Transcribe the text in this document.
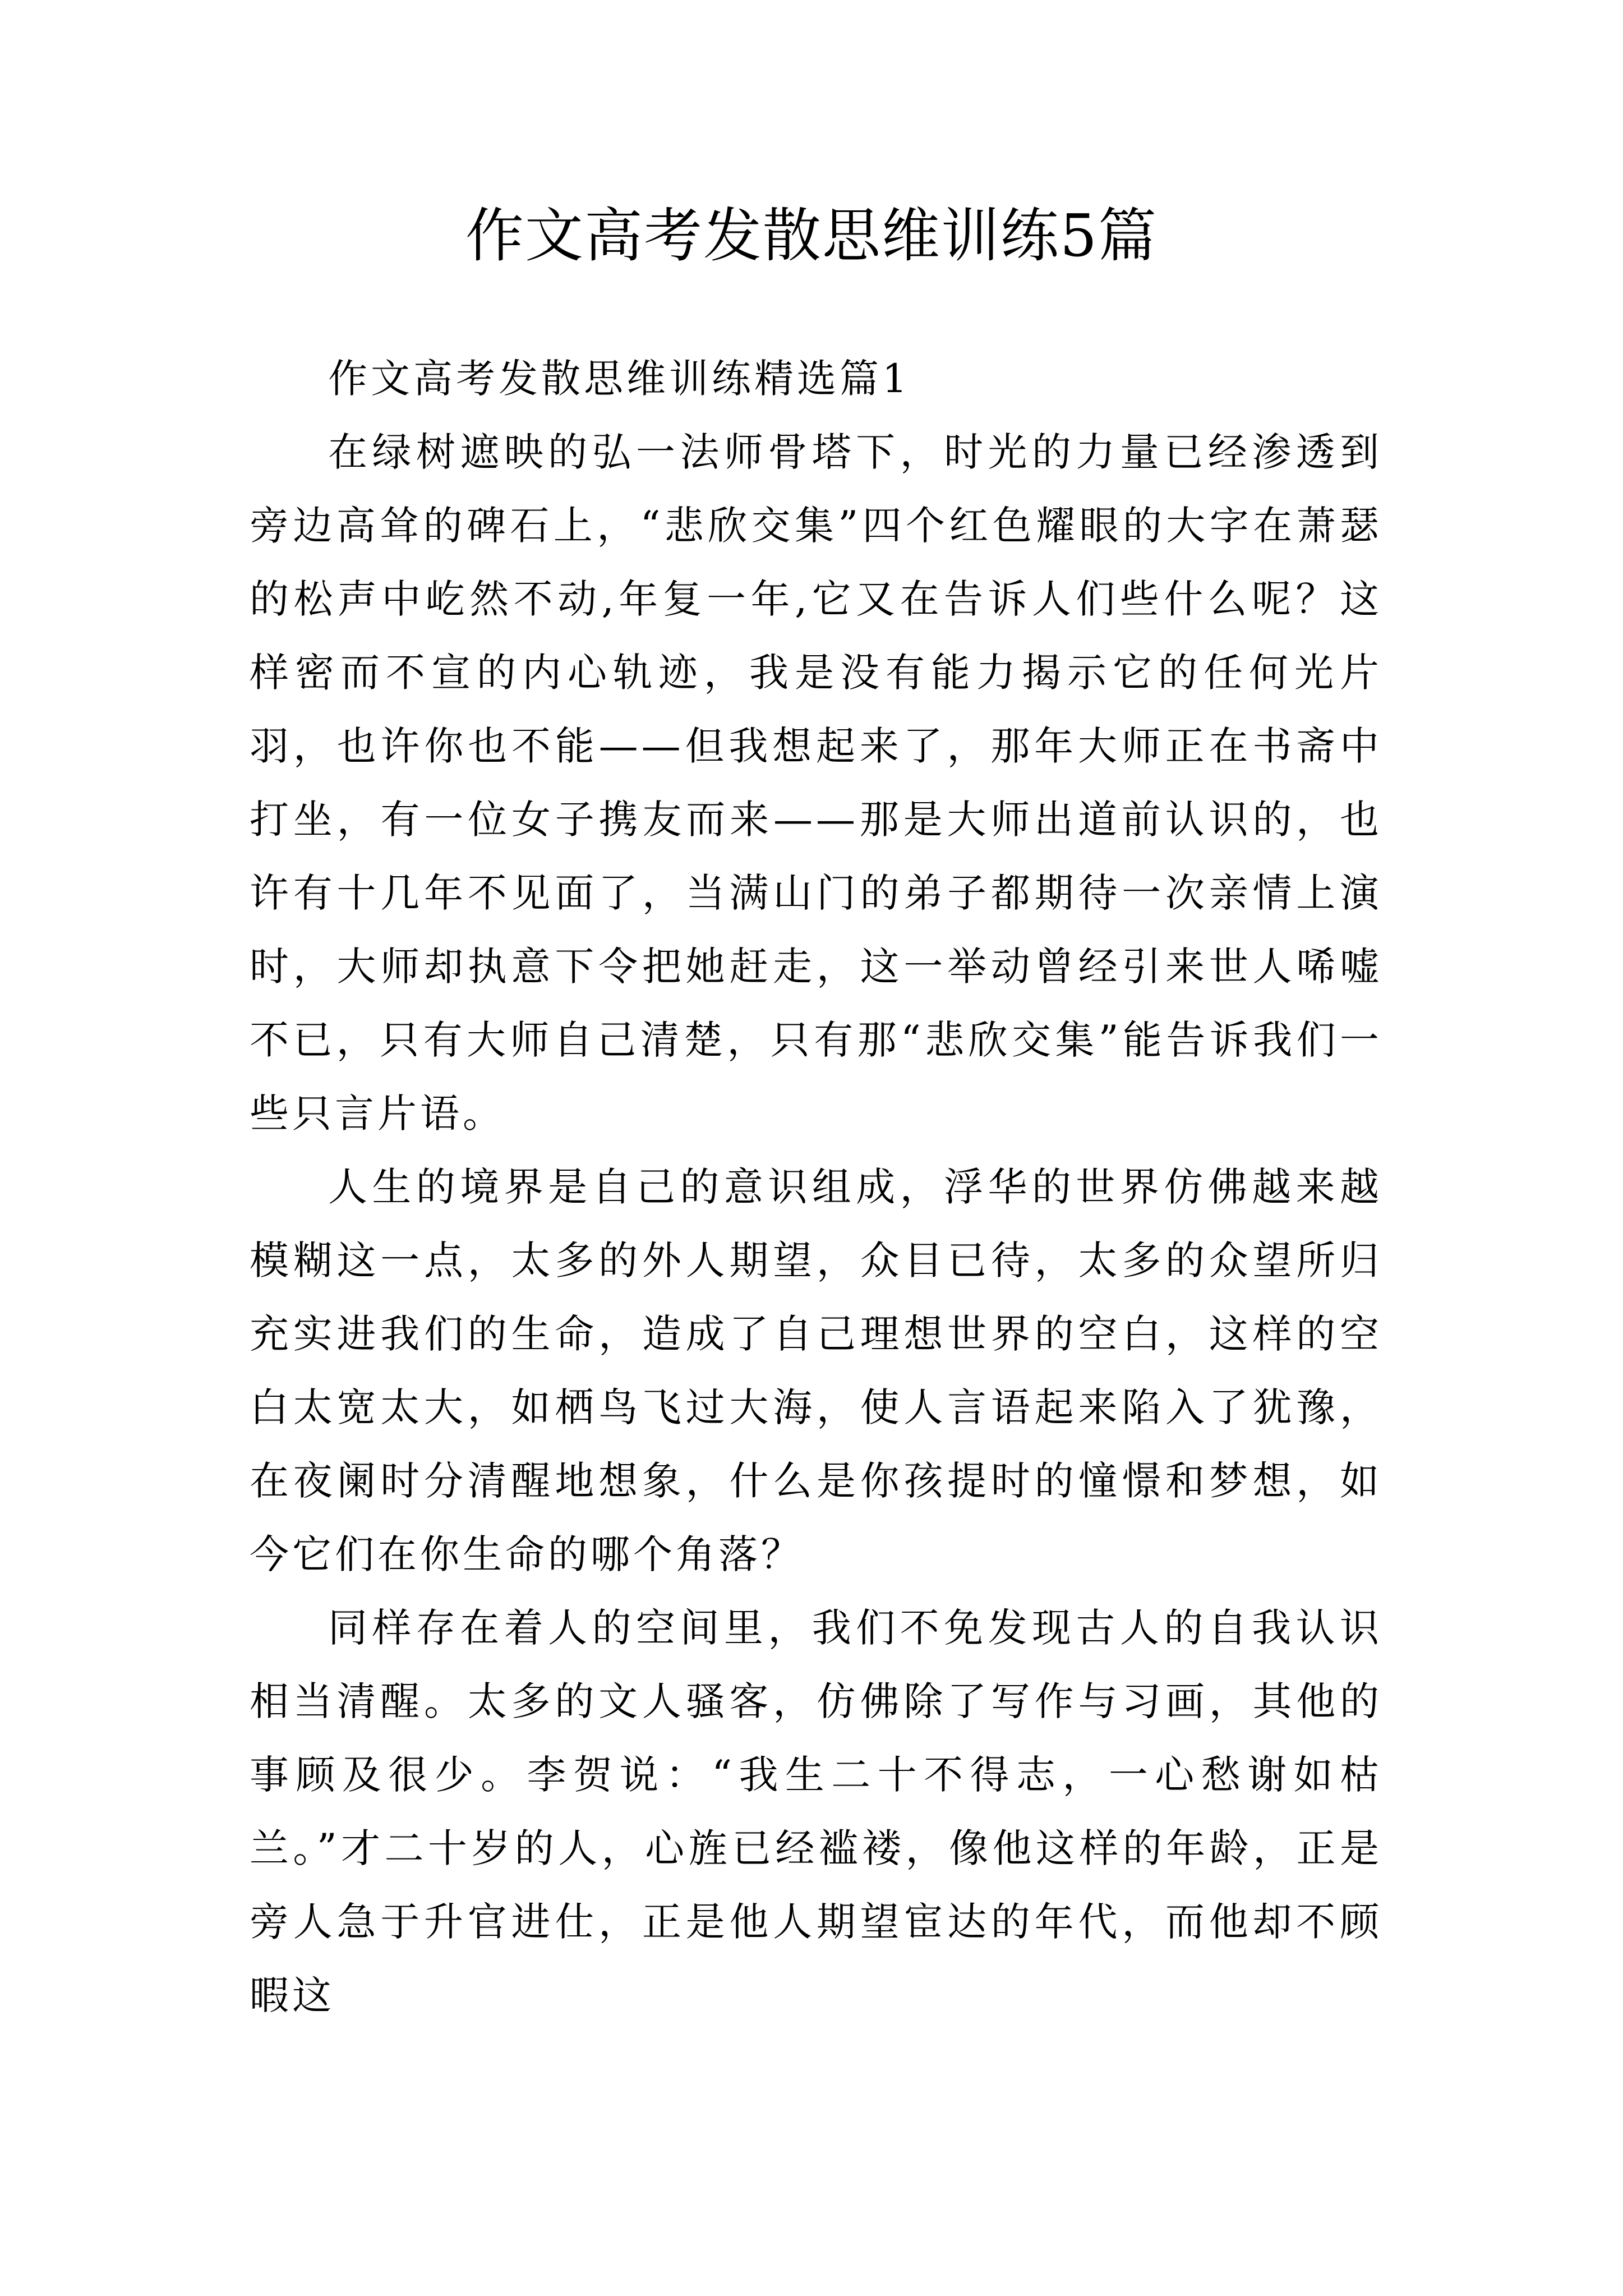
作文高考发散思维训练5篇

作文高考发散思维训练精选篇1

在绿树遮映的弘一法师骨塔下，时光的力量已经渗透到旁边高耸的碑石上，“悲欣交集”四个红色耀眼的大字在萧瑟的松声中屹然不动,年复一年,它又在告诉人们些什么呢？这样密而不宣的内心轨迹，我是没有能力揭示它的任何光片羽，也许你也不能——但我想起来了，那年大师正在书斋中打坐，有一位女子携友而来——那是大师出道前认识的，也许有十几年不见面了，当满山门的弟子都期待一次亲情上演时，大师却执意下令把她赶走，这一举动曾经引来世人唏嘘不已，只有大师自己清楚，只有那“悲欣交集”能告诉我们一些只言片语。

人生的境界是自己的意识组成，浮华的世界仿佛越来越模糊这一点，太多的外人期望，众目已待，太多的众望所归充实进我们的生命，造成了自己理想世界的空白，这样的空白太宽太大，如栖鸟飞过大海，使人言语起来陷入了犹豫，在夜阑时分清醒地想象，什么是你孩提时的憧憬和梦想，如今它们在你生命的哪个角落？

同样存在着人的空间里，我们不免发现古人的自我认识相当清醒。太多的文人骚客，仿佛除了写作与习画，其他的事顾及很少。李贺说：“我生二十不得志，一心愁谢如枯兰。”才二十岁的人，心旌已经褴褛，像他这样的年龄，正是旁人急于升官进仕，正是他人期望宦达的年代，而他却不顾暇这
